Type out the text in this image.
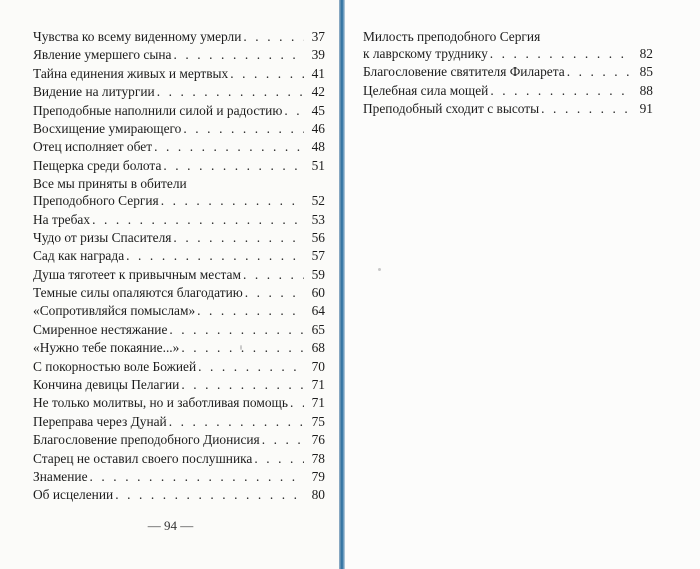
Чувства ко всему виденному умерли . . .	37
Явление умершего сына . . .	39
Тайна единения живых и мертвых . . .	41
Видение на литургии . . .	42
Преподобные наполнили силой и радостию . . .	45
Восхищение умирающего . . .	46
Отец исполняет обет . . .	48
Пещерка среди болота . . .	51
Все мы приняты в обители
Преподобного Сергия . . .	52
На требах . . .	53
Чудо от ризы Спасителя . . .	56
Сад как награда . . .	57
Душа тяготеет к привычным местам . . .	59
Темные силы опаляются благодатию . . .	60
«Сопротивляйся помыслам» . . .	64
Смиренное нестяжание . . .	65
«Нужно тебе покаяние...» . . .	68
С покорностью воле Божией . . .	70
Кончина девицы Пелагии . . .	71
Не только молитвы, но и заботливая помощь . . .	71
Переправа через Дунай . . .	75
Благословение преподобного Дионисия . . .	76
Старец не оставил своего послушника . . .	78
Знамение . . .	79
Об исцелении . . .	80
— 94 —
Милость преподобного Сергия
к лаврскому труднику . . .	82
Благословение святителя Филарета . . .	85
Целебная сила мощей . . .	88
Преподобный сходит с высоты . . .	91
